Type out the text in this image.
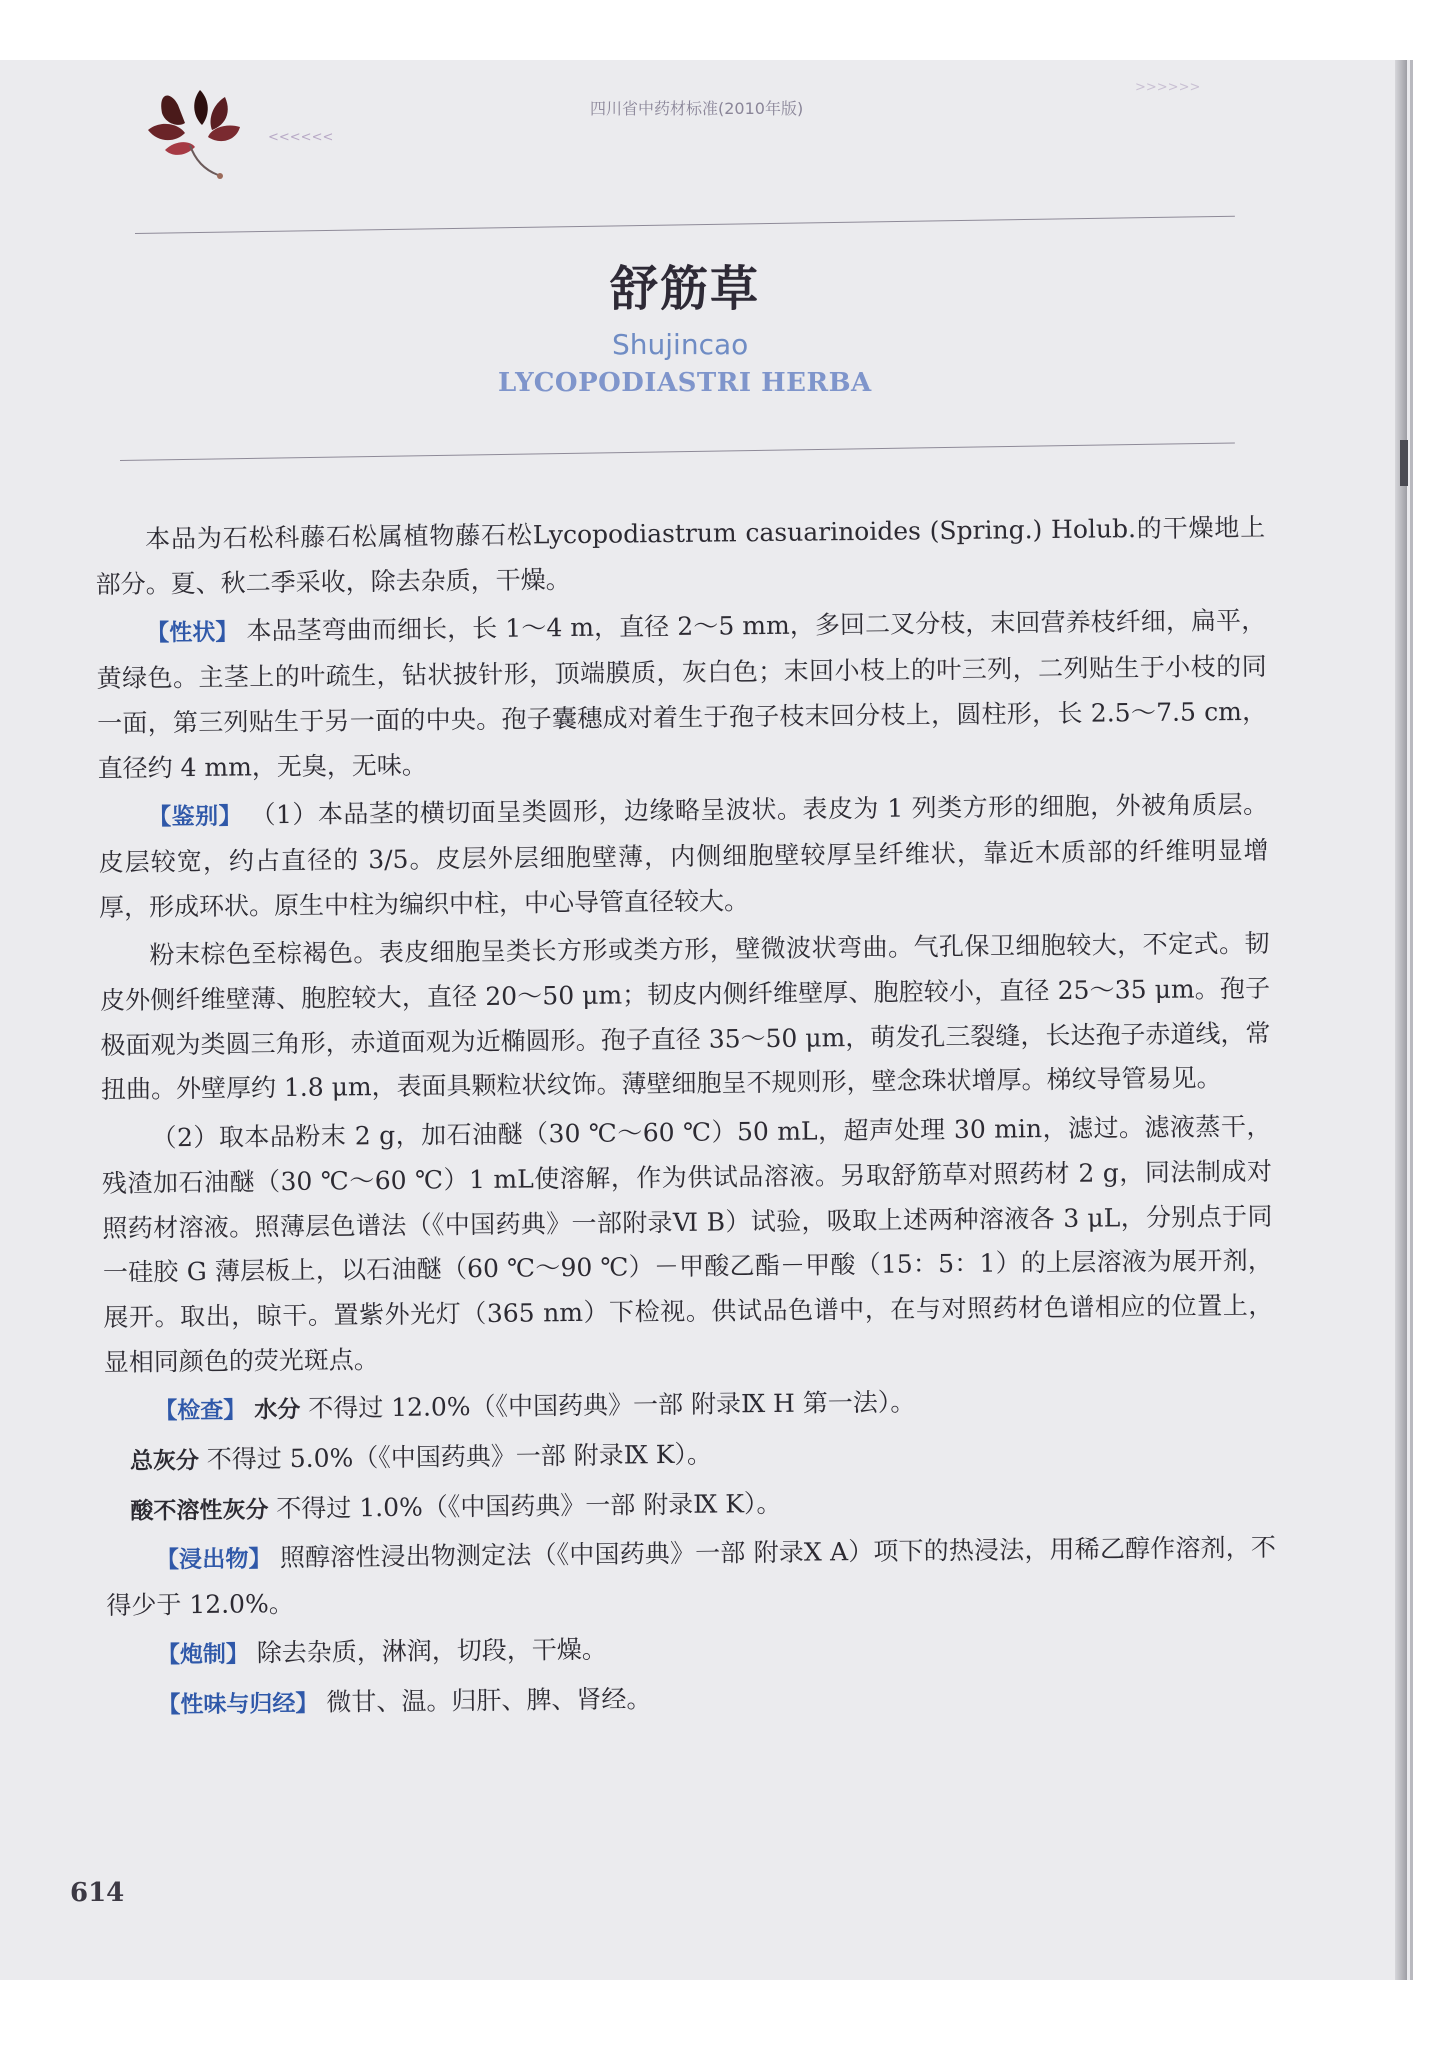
<<<<<<
四川省中药材标准(2010年版)
>>>>>>
舒筋草
Shujincao
LYCOPODIASTRI HERBA

本品为石松科藤石松属植物藤石松Lycopodiastrum casuarinoides (Spring.) Holub.的干燥地上部分。夏、秋二季采收，除去杂质，干燥。

【性状】 本品茎弯曲而细长，长 1～4 m，直径 2～5 mm，多回二叉分枝，末回营养枝纤细，扁平，黄绿色。主茎上的叶疏生，钻状披针形，顶端膜质，灰白色；末回小枝上的叶三列，二列贴生于小枝的同一面，第三列贴生于另一面的中央。孢子囊穗成对着生于孢子枝末回分枝上，圆柱形，长 2.5～7.5 cm，直径约 4 mm，无臭，无味。

【鉴别】 （1）本品茎的横切面呈类圆形，边缘略呈波状。表皮为 1 列类方形的细胞，外被角质层。皮层较宽，约占直径的 3/5。皮层外层细胞壁薄，内侧细胞壁较厚呈纤维状，靠近木质部的纤维明显增厚，形成环状。原生中柱为编织中柱，中心导管直径较大。

粉末棕色至棕褐色。表皮细胞呈类长方形或类方形，壁微波状弯曲。气孔保卫细胞较大，不定式。韧皮外侧纤维壁薄、胞腔较大，直径 20～50 μm；韧皮内侧纤维壁厚、胞腔较小，直径 25～35 μm。孢子极面观为类圆三角形，赤道面观为近椭圆形。孢子直径 35～50 μm，萌发孔三裂缝，长达孢子赤道线，常扭曲。外壁厚约 1.8 μm，表面具颗粒状纹饰。薄壁细胞呈不规则形，壁念珠状增厚。梯纹导管易见。

（2）取本品粉末 2 g，加石油醚（30 ℃～60 ℃）50 mL，超声处理 30 min，滤过。滤液蒸干，残渣加石油醚（30 ℃～60 ℃）1 mL使溶解，作为供试品溶液。另取舒筋草对照药材 2 g，同法制成对照药材溶液。照薄层色谱法（《中国药典》一部附录Ⅵ B）试验，吸取上述两种溶液各 3 μL，分别点于同一硅胶 G 薄层板上，以石油醚（60 ℃～90 ℃）－甲酸乙酯－甲酸（15：5：1）的上层溶液为展开剂，展开。取出，晾干。置紫外光灯（365 nm）下检视。供试品色谱中，在与对照药材色谱相应的位置上，显相同颜色的荧光斑点。

【检查】 水分 不得过 12.0%（《中国药典》一部 附录Ⅸ H 第一法）。

总灰分 不得过 5.0%（《中国药典》一部 附录Ⅸ K）。

酸不溶性灰分 不得过 1.0%（《中国药典》一部 附录Ⅸ K）。

【浸出物】 照醇溶性浸出物测定法（《中国药典》一部 附录Ⅹ A）项下的热浸法，用稀乙醇作溶剂，不得少于 12.0%。

【炮制】 除去杂质，淋润，切段，干燥。

【性味与归经】 微甘、温。归肝、脾、肾经。

614
